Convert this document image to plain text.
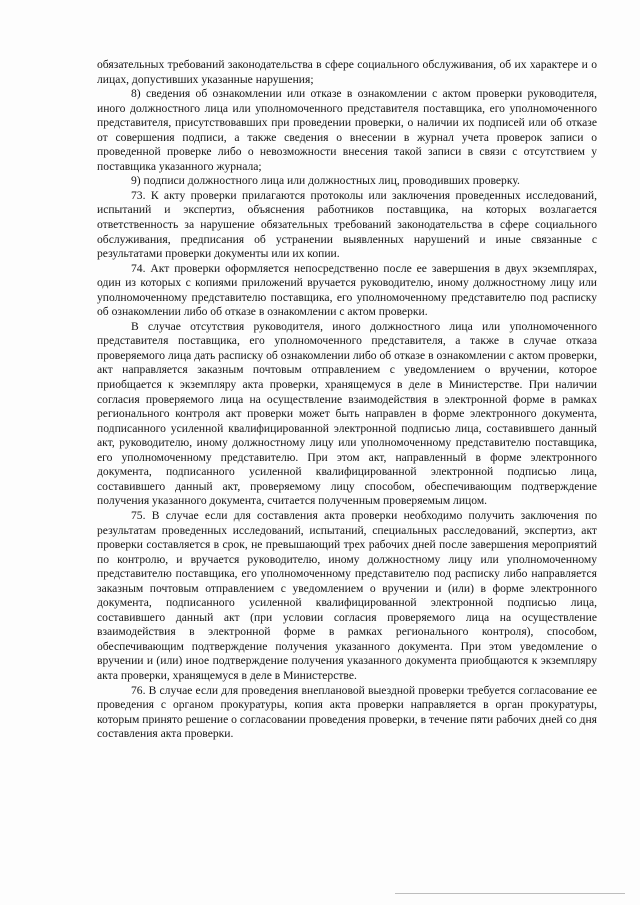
обязательных требований законодательства в сфере социального обслуживания, об их характере и о лицах, допустивших указанные нарушения;

8) сведения об ознакомлении или отказе в ознакомлении с актом проверки руководителя, иного должностного лица или уполномоченного представителя поставщика, его уполномоченного представителя, присутствовавших при проведении проверки, о наличии их подписей или об отказе от совершения подписи, а также сведения о внесении в журнал учета проверок записи о проведенной проверке либо о невозможности внесения такой записи в связи с отсутствием у поставщика указанного журнала;

9) подписи должностного лица или должностных лиц, проводивших проверку.

73. К акту проверки прилагаются протоколы или заключения проведенных исследований, испытаний и экспертиз, объяснения работников поставщика, на которых возлагается ответственность за нарушение обязательных требований законодательства в сфере социального обслуживания, предписания об устранении выявленных нарушений и иные связанные с результатами проверки документы или их копии.

74. Акт проверки оформляется непосредственно после ее завершения в двух экземплярах, один из которых с копиями приложений вручается руководителю, иному должностному лицу или уполномоченному представителю поставщика, его уполномоченному представителю под расписку об ознакомлении либо об отказе в ознакомлении с актом проверки.

В случае отсутствия руководителя, иного должностного лица или уполномоченного представителя поставщика, его уполномоченного представителя, а также в случае отказа проверяемого лица дать расписку об ознакомлении либо об отказе в ознакомлении с актом проверки, акт направляется заказным почтовым отправлением с уведомлением о вручении, которое приобщается к экземпляру акта проверки, хранящемуся в деле в Министерстве. При наличии согласия проверяемого лица на осуществление взаимодействия в электронной форме в рамках регионального контроля акт проверки может быть направлен в форме электронного документа, подписанного усиленной квалифицированной электронной подписью лица, составившего данный акт, руководителю, иному должностному лицу или уполномоченному представителю поставщика, его уполномоченному представителю. При этом акт, направленный в форме электронного документа, подписанного усиленной квалифицированной электронной подписью лица, составившего данный акт, проверяемому лицу способом, обеспечивающим подтверждение получения указанного документа, считается полученным проверяемым лицом.

75. В случае если для составления акта проверки необходимо получить заключения по результатам проведенных исследований, испытаний, специальных расследований, экспертиз, акт проверки составляется в срок, не превышающий трех рабочих дней после завершения мероприятий по контролю, и вручается руководителю, иному должностному лицу или уполномоченному представителю поставщика, его уполномоченному представителю под расписку либо направляется заказным почтовым отправлением с уведомлением о вручении и (или) в форме электронного документа, подписанного усиленной квалифицированной электронной подписью лица, составившего данный акт (при условии согласия проверяемого лица на осуществление взаимодействия в электронной форме в рамках регионального контроля), способом, обеспечивающим подтверждение получения указанного документа. При этом уведомление о вручении и (или) иное подтверждение получения указанного документа приобщаются к экземпляру акта проверки, хранящемуся в деле в Министерстве.

76. В случае если для проведения внеплановой выездной проверки требуется согласование ее проведения с органом прокуратуры, копия акта проверки направляется в орган прокуратуры, которым принято решение о согласовании проведения проверки, в течение пяти рабочих дней со дня составления акта проверки.
